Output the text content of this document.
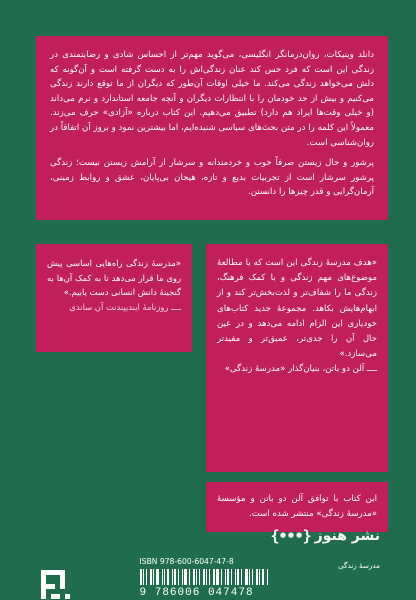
دانلد وینیکات، روان‌درمانگر انگلیسی، می‌گوید مهم‌تر از احساس شادی و رضایتمندی در زندگی این است که فرد حس کند عنان زندگی‌اش را به دست گرفته است و آن‌گونه که دلش می‌خواهد زندگی می‌کند. ما خیلی اوقات آن‌طور که دیگران از ما توقع دارند زندگی می‌کنیم و بیش از حد خودمان را با انتظارات دیگران و آنچه جامعه استاندارد و نرم می‌داند (و خیلی وقت‌ها ایراد هم دارد) تطبیق می‌دهیم. این کتاب درباره «آزادی» حرف می‌زند. معمولاً این کلمه را در متن بحث‌های سیاسی شنیده‌ایم، اما بیشترین نمود و بروز آن اتفاقاً در روان‌شناسی است.

پرشور و حال زیستن صرفاً خوب و خردمندانه و سرشار از آرامش زیستن نیست؛ زندگی پرشور سرشار است از تجربیات بدیع و تازه، هیجان بی‌پایان، عشق و روابط زمینی، آرمان‌گرایی و قدر چیزها را دانستن.

«مدرسهٔ زندگی راه‌هایی اساسی پیش روی ما قرار می‌دهد تا به کمک آن‌ها به گنجینهٔ دانش انسانی دست یابیم.»

ــــ روزنامهٔ ایندیپندنت آن ساندی

«هدف مدرسهٔ زندگی این است که با مطالعهٔ موضوع‌های مهم زندگی و با کمک فرهنگ، زندگی ما را شفاف‌تر و لذت‌بخش‌تر کند و از ابهام‌هایش بکاهد. مجموعهٔ جدید کتاب‌های خودیاری این الزام ادامه می‌دهد و در عین حال آن را جدی‌تر، عمیق‌تر و مفیدتر می‌سازد.»

ــــ آلن دو باتن، بنیان‌گذار «مدرسهٔ زندگی»

این کتاب با توافق آلن دو باتن و مؤسسهٔ «مدرسهٔ زندگی» منتشر شده است.

{•••} نشر هنوز
ISBN 978-600-6047-47-8
9 786006 047478
مدرسهٔ زندگی
